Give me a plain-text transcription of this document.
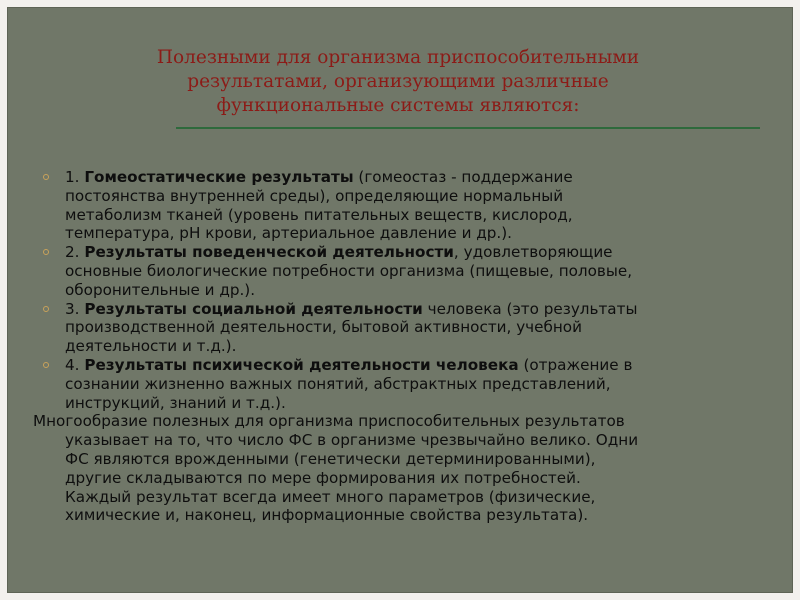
Полезными для организма приспособительными
результатами, организующими различные
функциональные системы являются:
1. Гомеостатические результаты (гомеостаз - поддержание
постоянства внутренней среды), определяющие нормальный
метаболизм тканей (уровень питательных веществ, кислород,
температура, pH крови, артериальное давление и др.).
2. Результаты поведенческой деятельности, удовлетворяющие
основные биологические потребности организма (пищевые, половые,
оборонительные и др.).
3. Результаты социальной деятельности человека (это результаты
производственной деятельности, бытовой активности, учебной
деятельности и т.д.).
4. Результаты психической деятельности человека (отражение в
сознании жизненно важных понятий, абстрактных представлений,
инструкций, знаний и т.д.).
Многообразие полезных для организма приспособительных результатов
указывает на то, что число ФС в организме чрезвычайно велико. Одни
ФС являются врожденными (генетически детерминированными),
другие складываются по мере формирования их потребностей.
Каждый результат всегда имеет много параметров (физические,
химические и, наконец, информационные свойства результата).
